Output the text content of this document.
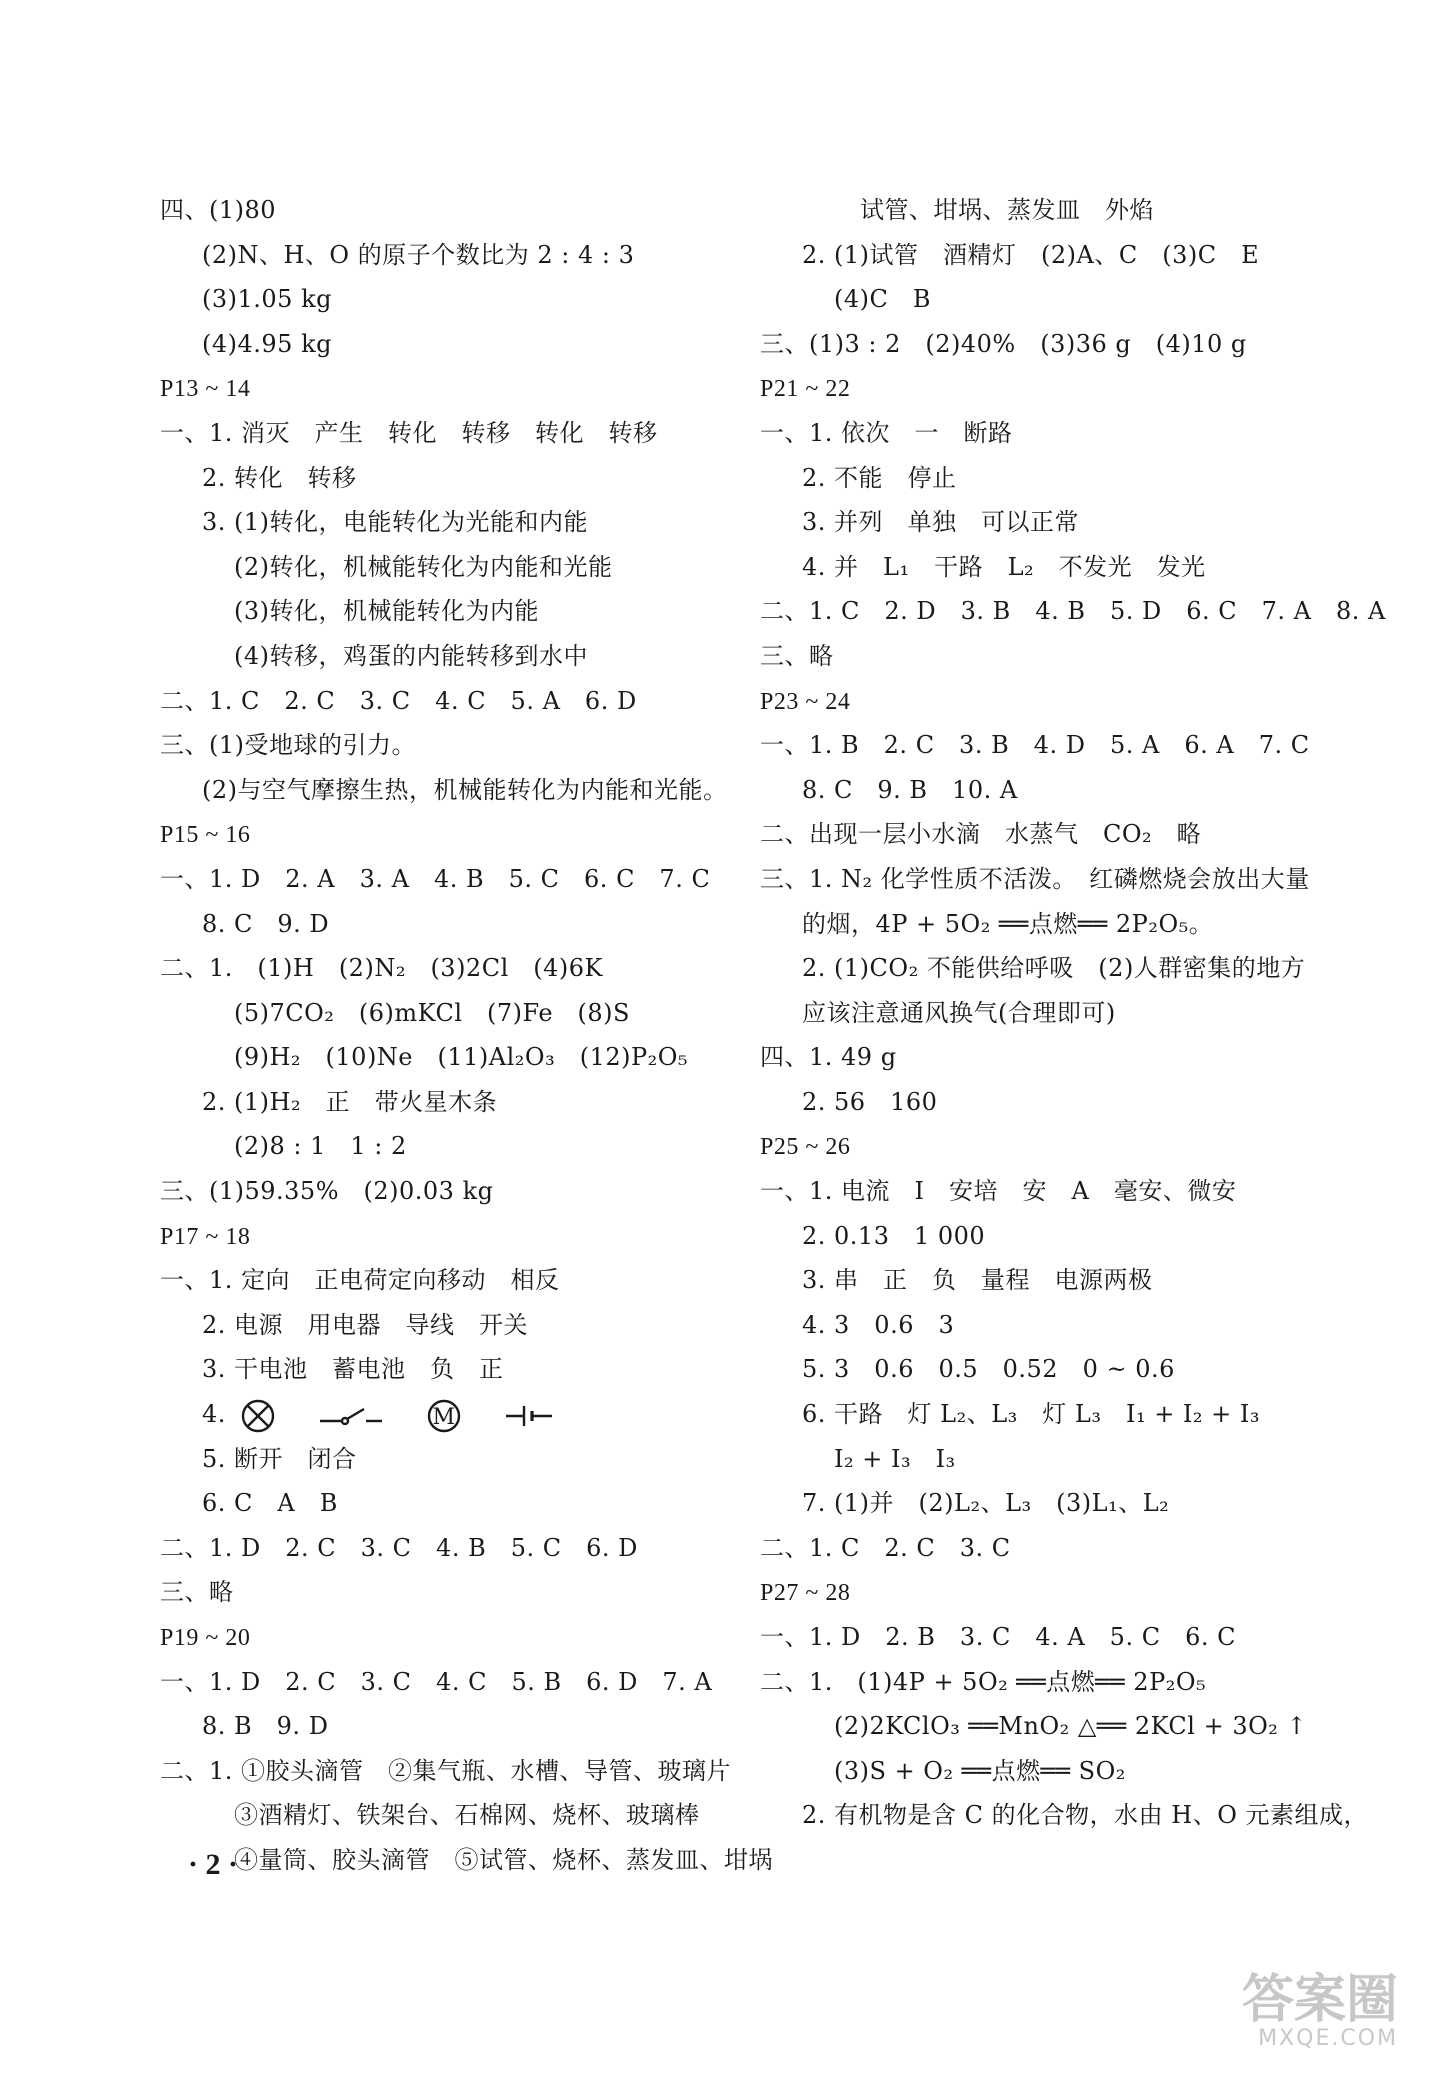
四、(1)80
(2)N、H、O 的原子个数比为 2 : 4 : 3
(3)1.05 kg
(4)4.95 kg
P13 ~ 14
一、1. 消灭　产生　转化　转移　转化　转移
2. 转化　转移
3. (1)转化，电能转化为光能和内能
(2)转化，机械能转化为内能和光能
(3)转化，机械能转化为内能
(4)转移，鸡蛋的内能转移到水中
二、1. C　2. C　3. C　4. C　5. A　6. D
三、(1)受地球的引力。
(2)与空气摩擦生热，机械能转化为内能和光能。
P15 ~ 16
一、1. D　2. A　3. A　4. B　5. C　6. C　7. C
8. C　9. D
二、1.　(1)H　(2)N₂　(3)2Cl　(4)6K
(5)7CO₂　(6)mKCl　(7)Fe　(8)S
(9)H₂　(10)Ne　(11)Al₂O₃　(12)P₂O₅
2. (1)H₂　正　带火星木条
(2)8 : 1　1 : 2
三、(1)59.35%　(2)0.03 kg
P17 ~ 18
一、1. 定向　正电荷定向移动　相反
2. 电源　用电器　导线　开关
3. 干电池　蓄电池　负　正
4.	M
5. 断开　闭合
6. C　A　B
二、1. D　2. C　3. C　4. B　5. C　6. D
三、略
P19 ~ 20
一、1. D　2. C　3. C　4. C　5. B　6. D　7. A
8. B　9. D
二、1. ①胶头滴管　②集气瓶、水槽、导管、玻璃片
③酒精灯、铁架台、石棉网、烧杯、玻璃棒
④量筒、胶头滴管　⑤试管、烧杯、蒸发皿、坩埚
试管、坩埚、蒸发皿　外焰
2. (1)试管　酒精灯　(2)A、C　(3)C　E
(4)C　B
三、(1)3 : 2　(2)40%　(3)36 g　(4)10 g
P21 ~ 22
一、1. 依次　一　断路
2. 不能　停止
3. 并列　单独　可以正常
4. 并　L₁　干路　L₂　不发光　发光
二、1. C　2. D　3. B　4. B　5. D　6. C　7. A　8. A
三、略
P23 ~ 24
一、1. B　2. C　3. B　4. D　5. A　6. A　7. C
8. C　9. B　10. A
二、出现一层小水滴　水蒸气　CO₂　略
三、1. N₂ 化学性质不活泼。　红磷燃烧会放出大量
的烟，4P + 5O₂ ══点燃══ 2P₂O₅。
2. (1)CO₂ 不能供给呼吸　(2)人群密集的地方
应该注意通风换气(合理即可)
四、1. 49 g
2. 56　160
P25 ~ 26
一、1. 电流　I　安培　安　A　毫安、微安
2. 0.13　1 000
3. 串　正　负　量程　电源两极
4. 3　0.6　3
5. 3　0.6　0.5　0.52　0 ~ 0.6
6. 干路　灯 L₂、L₃　灯 L₃　I₁ + I₂ + I₃
I₂ + I₃　I₃
7. (1)并　(2)L₂、L₃　(3)L₁、L₂
二、1. C　2. C　3. C
P27 ~ 28
一、1. D　2. B　3. C　4. A　5. C　6. C
二、1.　(1)4P + 5O₂ ══点燃══ 2P₂O₅
(2)2KClO₃ ══MnO₂ △══ 2KCl + 3O₂ ↑
(3)S + O₂ ══点燃══ SO₂
2. 有机物是含 C 的化合物，水由 H、O 元素组成，
· 2 ·
答案圈
MXQE.COM
